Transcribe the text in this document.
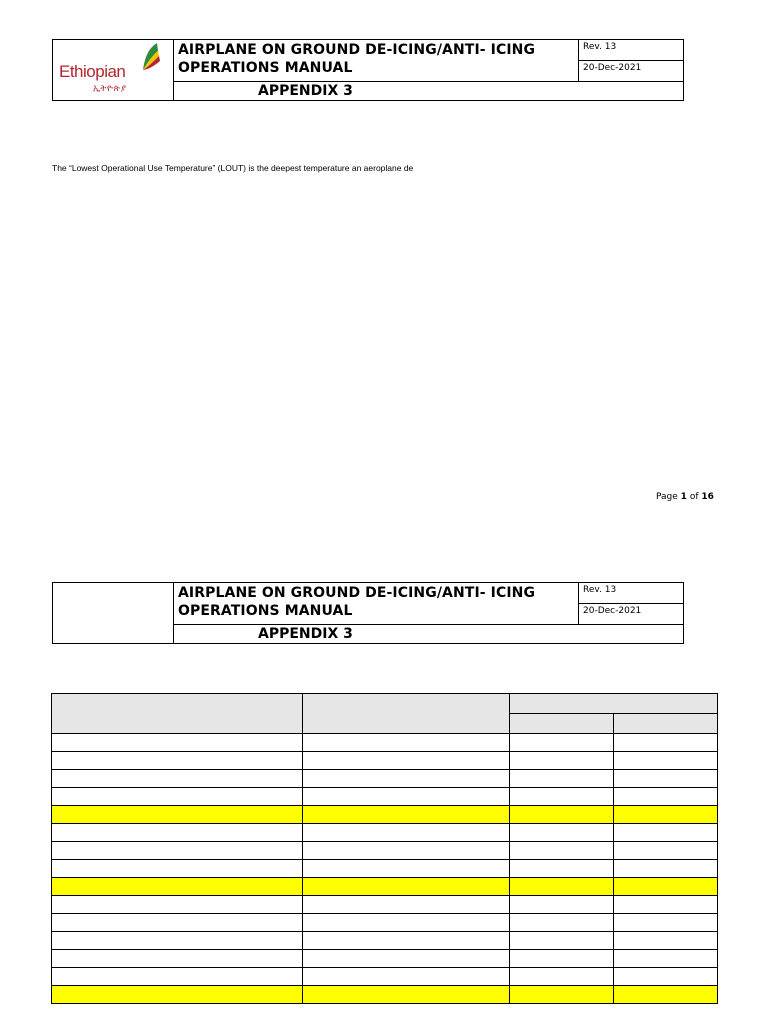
Ethiopian
ኢትዮጵያ

AIRPLANE ON GROUND DE-ICING/ANTI- ICING
OPERATIONS MANUAL
	Rev. 13
20-Dec-2021
APPENDIX 3

The “Lowest Operational Use Temperature” (LOUT) is the deepest temperature an aeroplane de

Page 1 of 16

AIRPLANE ON GROUND DE-ICING/ANTI- ICING
OPERATIONS MANUAL
	Rev. 13
20-Dec-2021
APPENDIX 3
